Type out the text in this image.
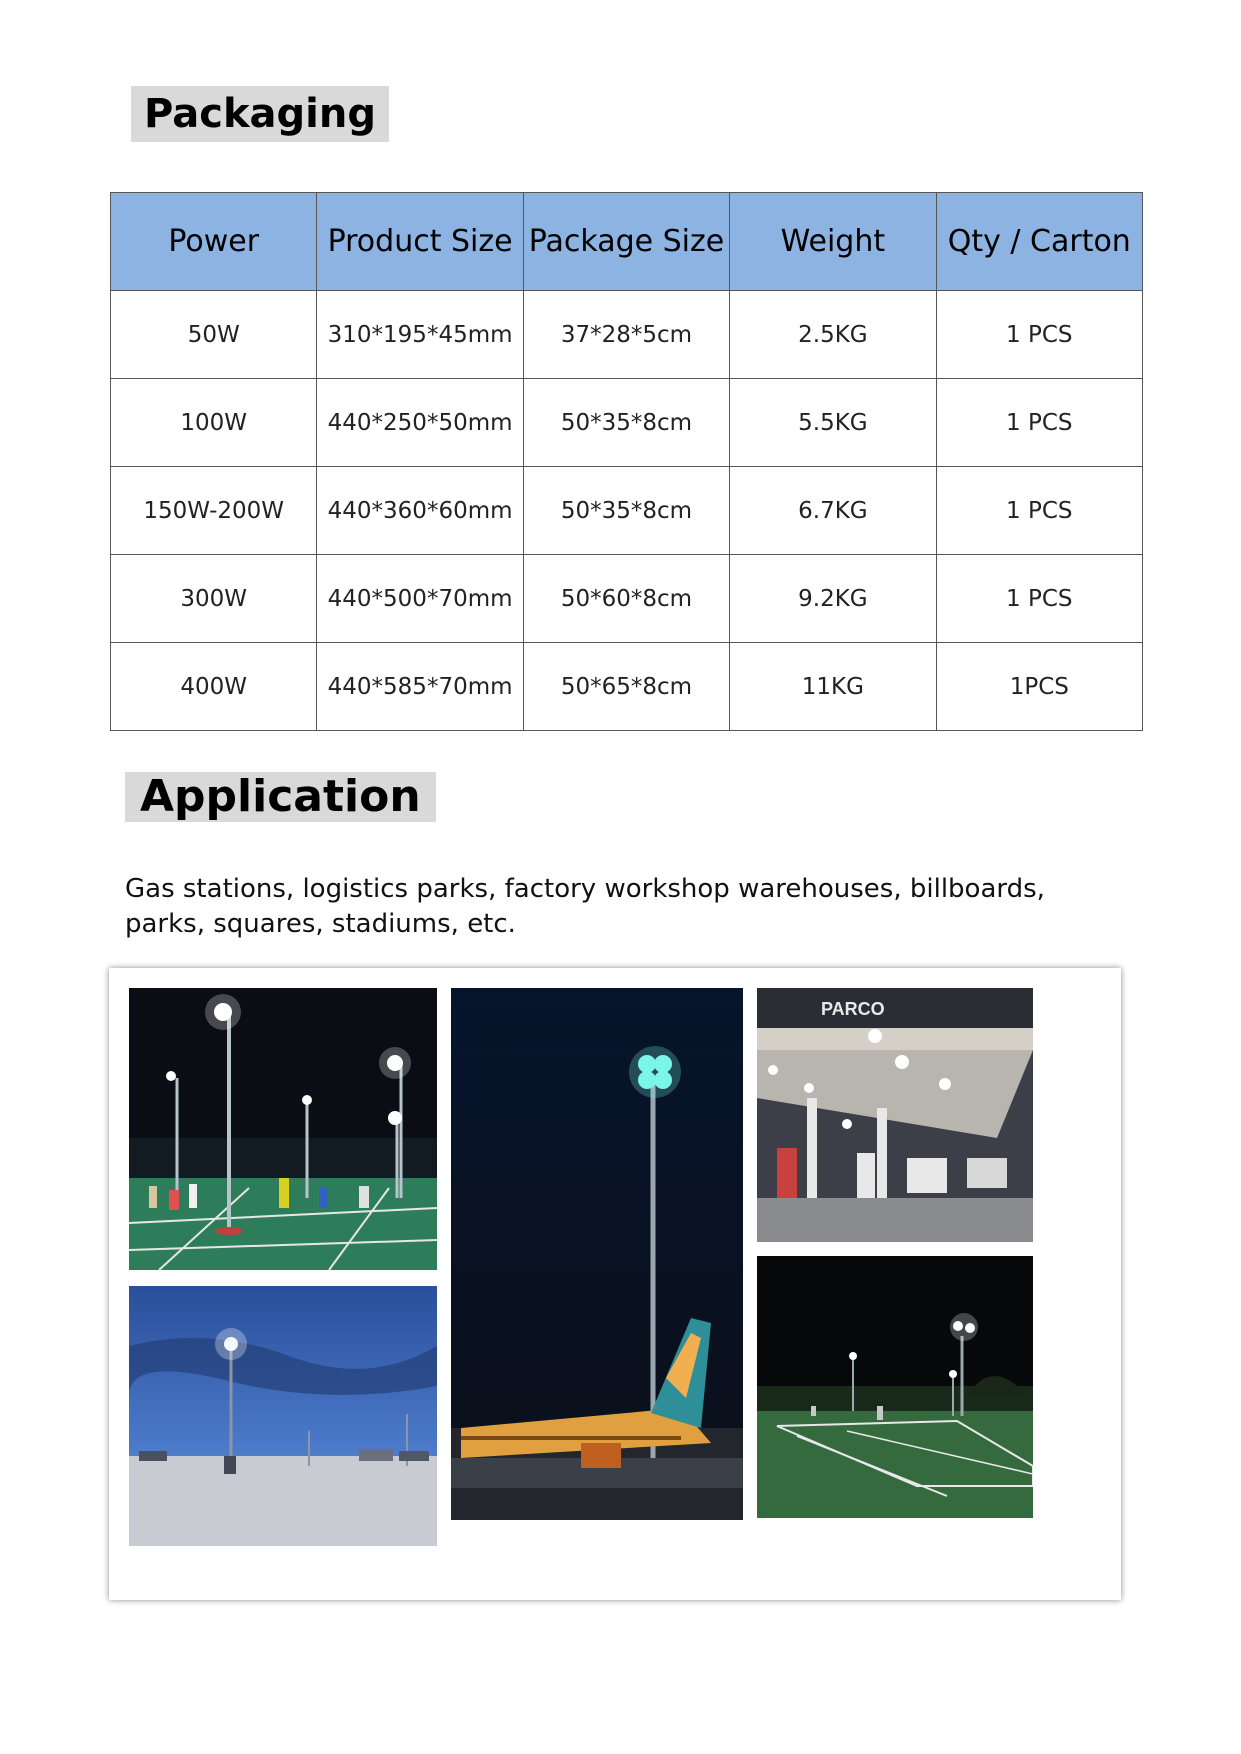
Packaging
Power	Product Size	Package Size	Weight	Qty / Carton
50W	310*195*45mm	37*28*5cm	2.5KG	1 PCS
100W	440*250*50mm	50*35*8cm	5.5KG	1 PCS
150W-200W	440*360*60mm	50*35*8cm	6.7KG	1 PCS
300W	440*500*70mm	50*60*8cm	9.2KG	1 PCS
400W	440*585*70mm	50*65*8cm	11KG	1PCS
Application
Gas stations, logistics parks, factory workshop warehouses, billboards, parks, squares, stadiums, etc.
PARCO
